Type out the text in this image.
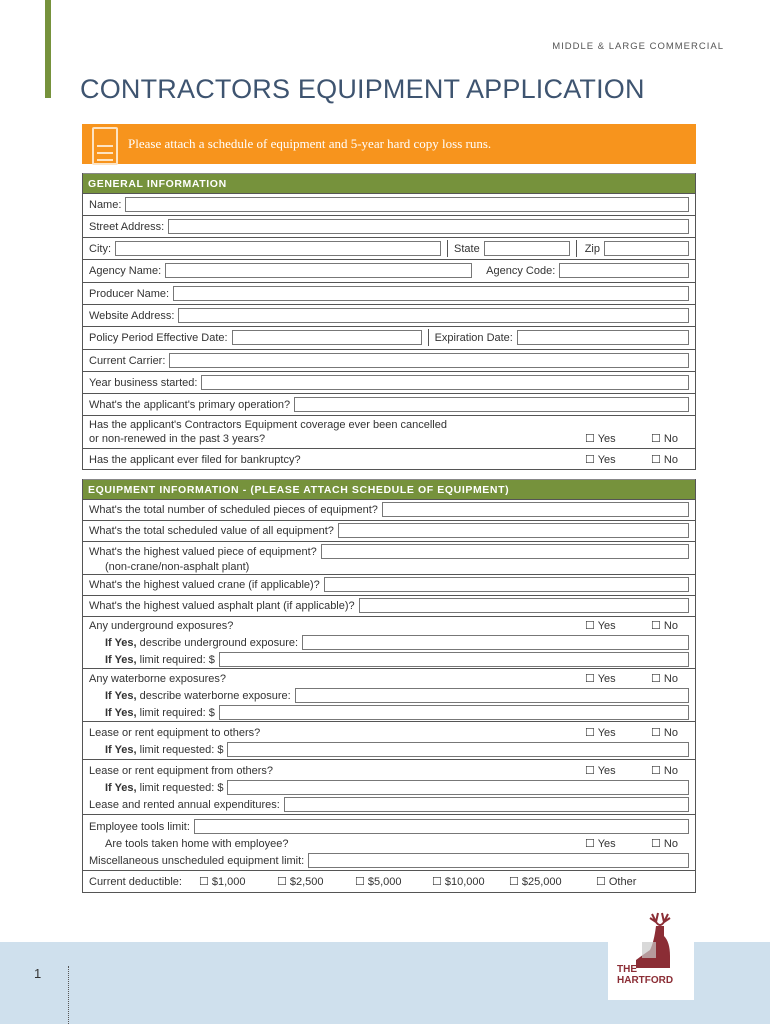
MIDDLE & LARGE COMMERCIAL
CONTRACTORS EQUIPMENT APPLICATION
Please attach a schedule of equipment and 5-year hard copy loss runs.
GENERAL INFORMATION
Name:
Street Address:
City:	State	Zip
Agency Name:	Agency Code:
Producer Name:
Website Address:
Policy Period Effective Date:	Expiration Date:
Current Carrier:
Year business started:
What's the applicant's primary operation?
Has the applicant's Contractors Equipment coverage ever been cancelled
or non-renewed in the past 3 years?	☐ Yes	☐ No
Has the applicant ever filed for bankruptcy?	☐ Yes	☐ No
EQUIPMENT INFORMATION - (PLEASE ATTACH SCHEDULE OF EQUIPMENT)
What's the total number of scheduled pieces of equipment?
What's the total scheduled value of all equipment?
What's the highest valued piece of equipment?
(non-crane/non-asphalt plant)
What's the highest valued crane (if applicable)?
What's the highest valued asphalt plant (if applicable)?
Any underground exposures?	☐ Yes	☐ No
If Yes,
describe underground exposure:
If Yes,
limit required: $
Any waterborne exposures?	☐ Yes	☐ No
If Yes,
describe waterborne exposure:
If Yes,
limit required: $
Lease or rent equipment to others?	☐ Yes	☐ No
If Yes,
limit requested: $
Lease or rent equipment from others?	☐ Yes	☐ No
If Yes,
limit requested: $
Lease and rented annual expenditures:
Employee tools limit:
Are tools taken home with employee?	☐ Yes	☐ No
Miscellaneous unscheduled equipment limit:
Current deductible: ☐ $1,000	☐ $2,500	☐ $5,000	☐ $10,000	☐ $25,000	☐ Other
1	THE
HARTFORD
